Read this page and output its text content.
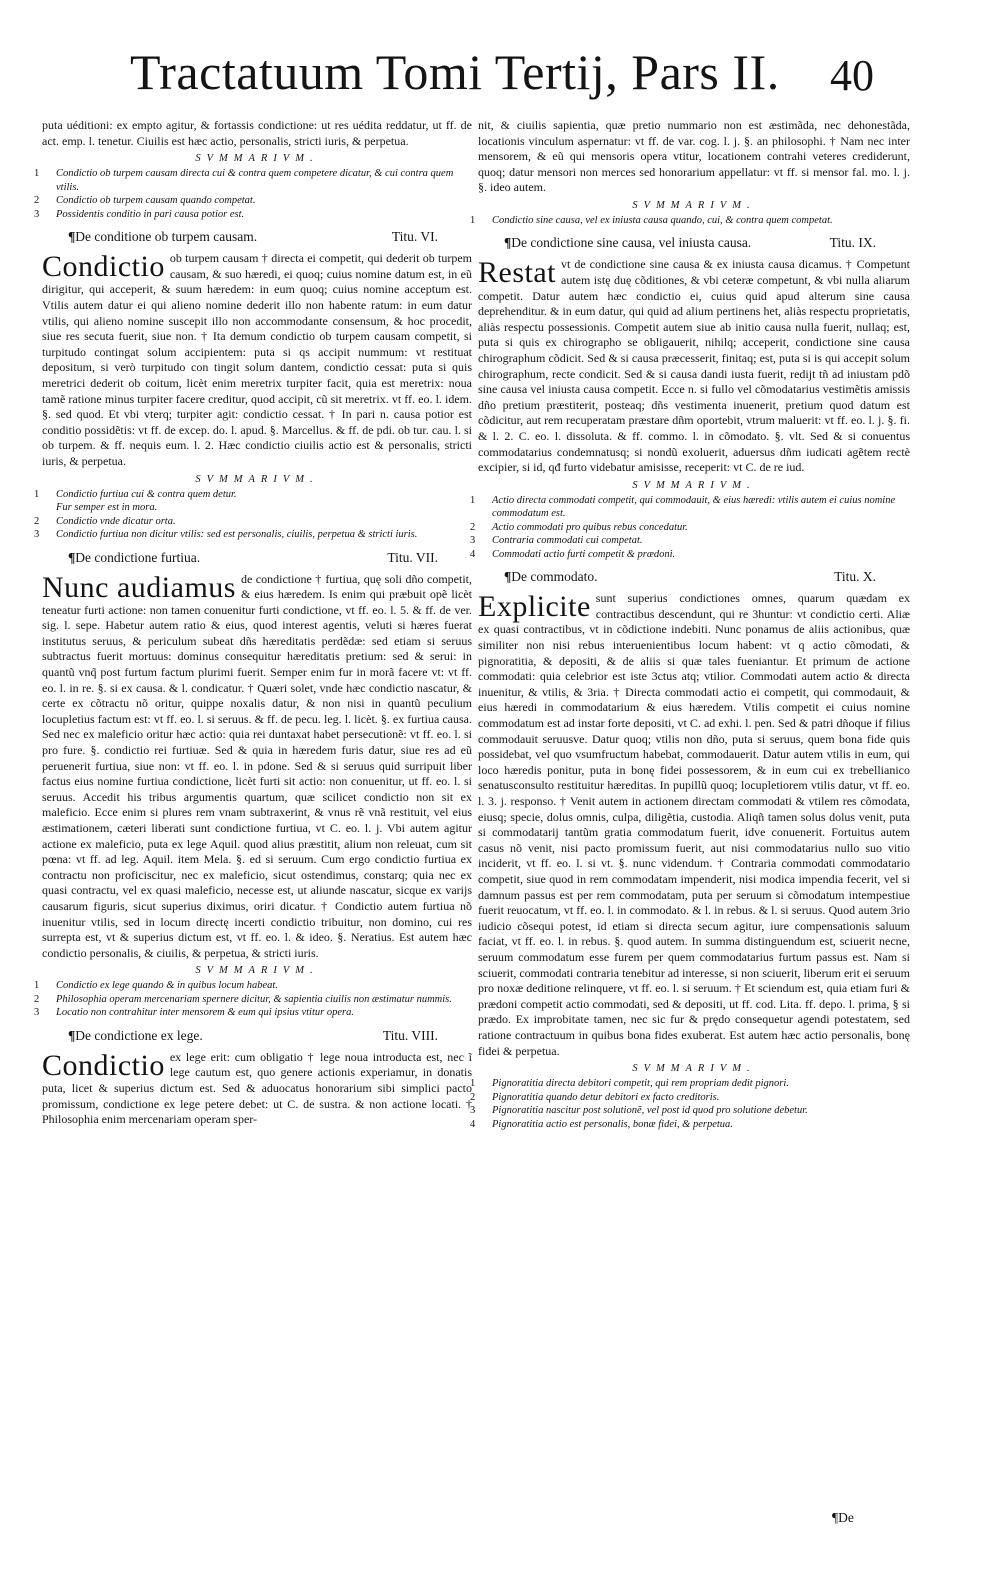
Tractatuum Tomi Tertij, Pars II. 40

puta uéditioni: ex empto agitur, & fortassis condictione: ut res uédita reddatur, ut ff. de act. emp. l. tenetur. Ciuilis est hæc actio, personalis, stricti iuris, & perpetua.

SVMMARIVM.
1 Condictio ob turpem causam directa cui & contra quem competere dicatur, & cui contra quem vtilis.
2 Condictio ob turpem causam quando competat.
3 Possidentis conditio in pari causa potior est.
¶De conditione ob turpem causam.	Titu. VI.

Condictio ob turpem causam † directa ei competit, qui dederit ob turpem causam, & suo hæredi, ei quoq; cuius nomine datum est, in eũ dirigitur, qui acceperit, & suum hæredem: in eum quoq; cuius nomine acceptum est. Vtilis autem datur ei qui alieno nomine dederit illo non habente ratum: in eum datur vtilis, qui alieno nomine suscepit illo non accommodante consensum, & hoc procedit, siue res secuta fuerit, siue non. † Ita demum condictio ob turpem causam competit, si turpitudo contingat solum accipientem: puta si qs accipit nummum: vt restituat depositum, si verò turpitudo con tingit solum dantem, condictio cessat: puta si quis meretrici dederit ob coitum, licèt enim meretrix turpiter facit, quia est meretrix: noua tamẽ ratione minus turpiter facere creditur, quod accipit, cũ sit meretrix. vt ff. eo. l. idem. §. sed quod. Et vbi vterq; turpiter agit: condictio cessat. † In pari n. causa potior est conditio possidẽtis: vt ff. de excep. do. l. apud. §. Marcellus. & ff. de pdi. ob tur. cau. l. si ob turpem. & ff. nequis eum. l. 2. Hæc condictio ciuilis actio est & personalis, stricti iuris, & perpetua.

SVMMARIVM.
1 Condictio furtiua cui & contra quem detur.
Fur semper est in mora.
2 Condictio vnde dicatur orta.
3 Condictio furtiua non dicitur vtilis: sed est personalis, ciuilis, perpetua & stricti iuris.
¶De condictione furtiua.	Titu. VII.

Nunc audiamus de condictione † furtiua, quę soli dño competit, & eius hæredem. Is enim qui præbuit opẽ licèt teneatur furti actione: non tamen conuenitur furti condictione, vt ff. eo. l. 5. & ff. de ver. sig. l. sepe. Habetur autem ratio & eius, quod interest agentis, veluti si hæres fuerat institutus seruus, & periculum subeat dñs hæreditatis perdẽdæ: sed etiam si seruus subtractus fuerit mortuus: dominus consequitur hæreditatis pretium: sed & serui: in quantũ vnq̃ post furtum factum plurimi fuerit. Semper enim fur in morã facere vt: vt ff. eo. l. in re. §. si ex causa. & l. condicatur. † Quæri solet, vnde hæc condictio nascatur, & certe ex cõtractu nõ oritur, quippe noxalis datur, & non nisi in quantũ peculium locupletius factum est: vt ff. eo. l. si seruus. & ff. de pecu. leg. l. licèt. §. ex furtiua causa. Sed nec ex maleficio oritur hæc actio: quia rei duntaxat habet persecutionẽ: vt ff. eo. l. si pro fure. §. condictio rei furtiuæ. Sed & quia in hæredem furis datur, siue res ad eũ peruenerit furtiua, siue non: vt ff. eo. l. in pdone. Sed & si seruus quid surripuit liber factus eius nomine furtiua condictione, licèt furti sit actio: non conuenitur, ut ff. eo. l. si seruus. Accedit his tribus argumentis quartum, quæ scilicet condictio non sit ex maleficio. Ecce enim si plures rem vnam subtraxerint, & vnus rẽ vnã restituit, vel eius æstimationem, cæteri liberati sunt condictione furtiua, vt C. eo. l. j. Vbi autem agitur actione ex maleficio, puta ex lege Aquil. quod alius præstitit, alium non releuat, cum sit pœna: vt ff. ad leg. Aquil. item Mela. §. ed si seruum. Cum ergo condictio furtiua ex contractu non proficiscitur, nec ex maleficio, sicut ostendimus, constarq; quia nec ex quasi contractu, vel ex quasi maleficio, necesse est, ut aliunde nascatur, sicque ex varijs causarum figuris, sicut superius diximus, oriri dicatur. † Condictio autem furtiua nõ inuenitur vtilis, sed in locum directę incerti condictio tribuitur, non domino, cui res surrepta est, vt & superius dictum est, vt ff. eo. l. & ideo. §. Neratius. Est autem hæc condictio personalis, & ciuilis, & perpetua, & stricti iuris.

SVMMARIVM.
1 Condictio ex lege quando & in quibus locum habeat.
2 Philosophia operam mercenariam spernere dicitur, & sapientia ciuilis non æstimatur nummis.
3 Locatio non contrahitur inter mensorem & eum qui ipsius vtitur opera.
¶De condictione ex lege.	Titu. VIII.

Condictio ex lege erit: cum obligatio † lege noua introducta est, nec ĩ lege cautum est, quo genere actionis experiamur, in donatis puta, licet & superius dictum est. Sed & aduocatus honorarium sibi simplici pacto promissum, condictione ex lege petere debet: ut C. de sustra. & non actione locati. † Philosophia enim mercenariam operam sper-

nit, & ciuilis sapientia, quæ pretio nummario non est æstimãda, nec dehonestãda, locationis vinculum aspernatur: vt ff. de var. cog. l. j. §. an philosophi. † Nam nec inter mensorem, & eũ qui mensoris opera vtitur, locationem contrahi veteres crediderunt, quoq; datur mensori non merces sed honorarium appellatur: vt ff. si mensor fal. mo. l. j. §. ideo autem.

SVMMARIVM.
1 Condictio sine causa, vel ex iniusta causa quando, cui, & contra quem competat.
¶De condictione sine causa, vel iniusta causa.	Titu. IX.

Restat vt de condictione sine causa & ex iniusta causa dicamus. † Competunt autem istę duę cõditiones, & vbi ceteræ competunt, & vbi nulla aliarum competit. Datur autem hæc condictio ei, cuius quid apud alterum sine causa deprehenditur. & in eum datur, qui quid ad alium pertinens het, aliàs respectu proprietatis, aliàs respectu possessionis. Competit autem siue ab initio causa nulla fuerit, nullaq; est, puta si quis ex chirographo se obligauerit, nihilq; acceperit, condictione sine causa chirographum cõdicit. Sed & si causa præcesserit, finitaq; est, puta si is qui accepit solum chirographum, recte condicit. Sed & si causa dandi iusta fuerit, redijt tñ ad iniustam pdõ sine causa vel iniusta causa competit. Ecce n. si fullo vel cõmodatarius vestimẽtis amissis dño pretium præstiterit, posteaq; dñs vestimenta inuenerit, pretium quod datum est cõdicitur, aut rem recuperatam præstare dñm oportebit, vtrum maluerit: vt ff. eo. l. j. §. fi. & l. 2. C. eo. l. dissoluta. & ff. commo. l. in cõmodato. §. vlt. Sed & si conuentus commodatarius condemnatusq; si nondũ exoluerit, aduersus dñm iudicati agẽtem rectè excipier, si id, qđ furto videbatur amisisse, receperit: vt C. de re iud.

SVMMARIVM.
1 Actio directa commodati competit, qui commodauit, & eius hæredi: vtilis autem ei cuius nomine commodatum est.
2 Actio commodati pro quibus rebus concedatur.
3 Contraria commodati cui competat.
4 Commodati actio furti competit & prædoni.
¶De commodato.	Titu. X.

Explicite sunt superius condictiones omnes, quarum quædam ex contractibus descendunt, qui re 3hunturː vt condictio certi. Aliæ ex quasi contractibus, vt in cõdictione indebiti. Nunc ponamus de aliis actionibus, quæ similiter non nisi rebus interuenientibus locum habent: vt q actio cõmodati, & pignoratitia, & depositi, & de aliis si quæ tales fueniantur. Et primum de actione commodati: quia celebrior est iste 3ctus atq; vtilior. Commodati autem actio & directa inuenitur, & vtilis, & 3ria. † Directa commodati actio ei competit, qui commodauit, & eius hæredi in commodatarium & eius hæredem. Vtilis competit ei cuius nomine commodatum est ad instar forte depositi, vt C. ad exhi. l. pen. Sed & patri dñoque if filius commodauit seruusve. Datur quoq; vtilis non dño, puta si seruus, quem bona fide quis possidebat, vel quo vsumfructum habebat, commodauerit. Datur autem vtilis in eum, qui loco hæredis ponitur, puta in bonę fidei possessorem, & in eum cui ex trebellianico senatusconsulto restituitur hæreditas. In pupillũ quoq; locupletiorem vtilis datur, vt ff. eo. l. 3. j. responso. † Venit autem in actionem directam commodati & vtilem res cõmodata, eiusq; specie, dolus omnis, culpa, diligẽtia, custodia. Aliqñ tamen solus dolus venit, puta si commodatarij tantũm gratia commodatum fuerit, idve conuenerit. Fortuitus autem casus nõ venit, nisi pacto promissum fuerit, aut nisi commodatarius nullo suo vitio inciderit, vt ff. eo. l. si vt. §. nunc videndum. † Contraria commodati commodatario competit, siue quod in rem commodatam impenderit, nisi modica impendia fecerit, vel si damnum passus est per rem commodatam, puta per seruum si cõmodatum intempestiue fuerit reuocatum, vt ff. eo. l. in commodato. & l. in rebus. & l. si seruus. Quod autem 3rio iudicio cõsequi potest, id etiam si directa secum agitur, iure compensationis saluum faciat, vt ff. eo. l. in rebus. §. quod autem. In summa distinguendum est, sciuerit necne, seruum commodatum esse furem per quem commodatarius furtum passus est. Nam si sciuerit, commodati contraria tenebitur ad interesse, si non sciuerit, liberum erit ei seruum pro noxæ deditione relinquere, vt ff. eo. l. si seruum. † Et sciendum est, quia etiam furi & prædoni competit actio commodati, sed & depositi, ut ff. cod. Lita. ff. depo. l. prima, § si prædo. Ex improbitate tamen, nec sic fur & prędo consequetur agendi potestatem, sed ratione contractuum in quibus bona fides exuberat. Est autem hæc actio personalis, bonę fidei & perpetua.

SVMMARIVM.
1 Pignoratitia directa debitori competit, qui rem propriam dedit pignori.
2 Pignoratitia quando detur debitori ex facto creditoris.
3 Pignoratitia nascitur post solutionẽ, vel post id quod pro solutione debetur.
4 Pignoratitia actio est personalis, bonæ fidei, & perpetua.
¶De
